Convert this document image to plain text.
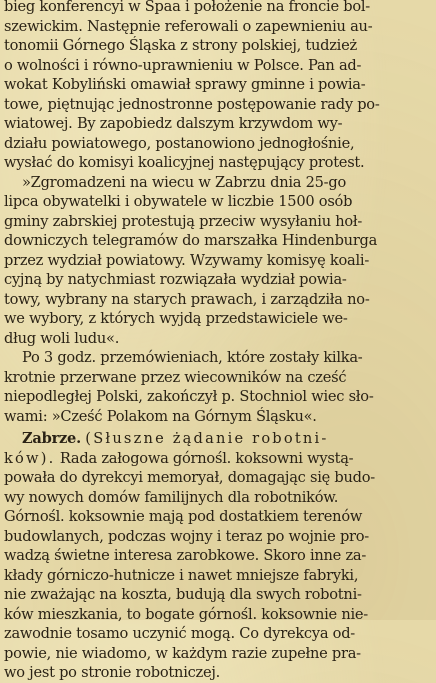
bieg konferencyi w Spaa i położenie na froncie bol-
szewickim. Następnie referowali o zapewnieniu au-
tonomii Górnego Śląska z strony polskiej, tudzież
o wolności i równo-uprawnieniu w Polsce. Pan ad-
wokat Kobyliński omawiał sprawy gminne i powia-
towe, piętnując jednostronne postępowanie rady po-
wiatowej. By zapobiedz dalszym krzywdom wy-
działu powiatowego, postanowiono jednogłośnie,
wysłać do komisyi koalicyjnej następujący protest.

»Zgromadzeni na wiecu w Zabrzu dnia 25-go
lipca obywatelki i obywatele w liczbie 1500 osób
gminy zabrskiej protestują przeciw wysyłaniu hoł-
downiczych telegramów do marszałka Hindenburga
przez wydział powiatowy. Wzywamy komisyę koali-
cyjną by natychmiast rozwiązała wydział powia-
towy, wybrany na starych prawach, i zarządziła no-
we wybory, z których wyjdą przedstawiciele we-
dług woli ludu«.

Po 3 godz. przemówieniach, które zostały kilka-
krotnie przerwane przez wiecowników na cześć
niepodległej Polski, zakończył p. Stochniol wiec sło-
wami: »Cześć Polakom na Górnym Śląsku«.

Zabrze. (Słuszne żądanie robotni-
ków). Rada załogowa górnośl. koksowni wystą-
powała do dyrekcyi memoryał, domagając się budo-
wy nowych domów familijnych dla robotników.
Górnośl. koksownie mają pod dostatkiem terenów
budowlanych, podczas wojny i teraz po wojnie pro-
wadzą świetne interesa zarobkowe. Skoro inne za-
kłady górniczo-hutnicze i nawet mniejsze fabryki,
nie zważając na koszta, budują dla swych robotni-
ków mieszkania, to bogate górnośl. koksownie nie-
zawodnie tosamo uczynić mogą. Co dyrekcya od-
powie, nie wiadomo, w każdym razie zupełne pra-
wo jest po stronie robotniczej.
